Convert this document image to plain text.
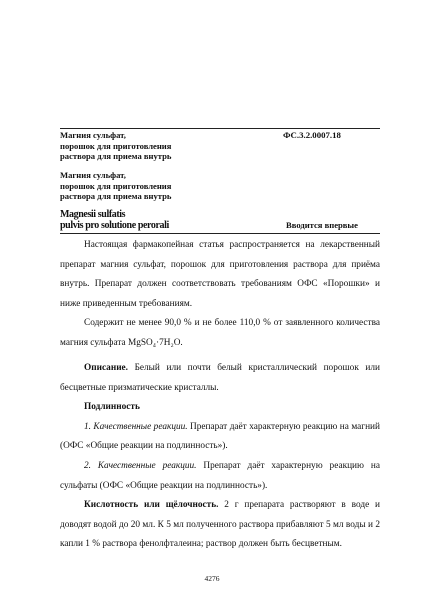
Магния сульфат,
порошок для приготовления
раствора для приема внутрь
ФС.3.2.0007.18
Магния сульфат,
порошок для приготовления
раствора для приема внутрь
Magnesii sulfatis
pulvis pro solutione perorali	Вводится впервые

Настоящая фармакопейная статья распространяется на лекарственный препарат магния сульфат, порошок для приготовления раствора для приёма внутрь. Препарат должен соответствовать требованиям ОФС «Порошки» и ниже приведенным требованиям.

Содержит не менее 90,0 % и не более 110,0 % от заявленного количества магния сульфата MgSO₄·7H₂O.

Описание. Белый или почти белый кристаллический порошок или бесцветные призматические кристаллы.

Подлинность

1. Качественные реакции. Препарат даёт характерную реакцию на магний (ОФС «Общие реакции на подлинность»).

2. Качественные реакции. Препарат даёт характерную реакцию на сульфаты (ОФС «Общие реакции на подлинность»).

Кислотность или щёлочность. 2 г препарата растворяют в воде и доводят водой до 20 мл. К 5 мл полученного раствора прибавляют 5 мл воды и 2 капли 1 % раствора фенолфталеина; раствор должен быть бесцветным.

4276
